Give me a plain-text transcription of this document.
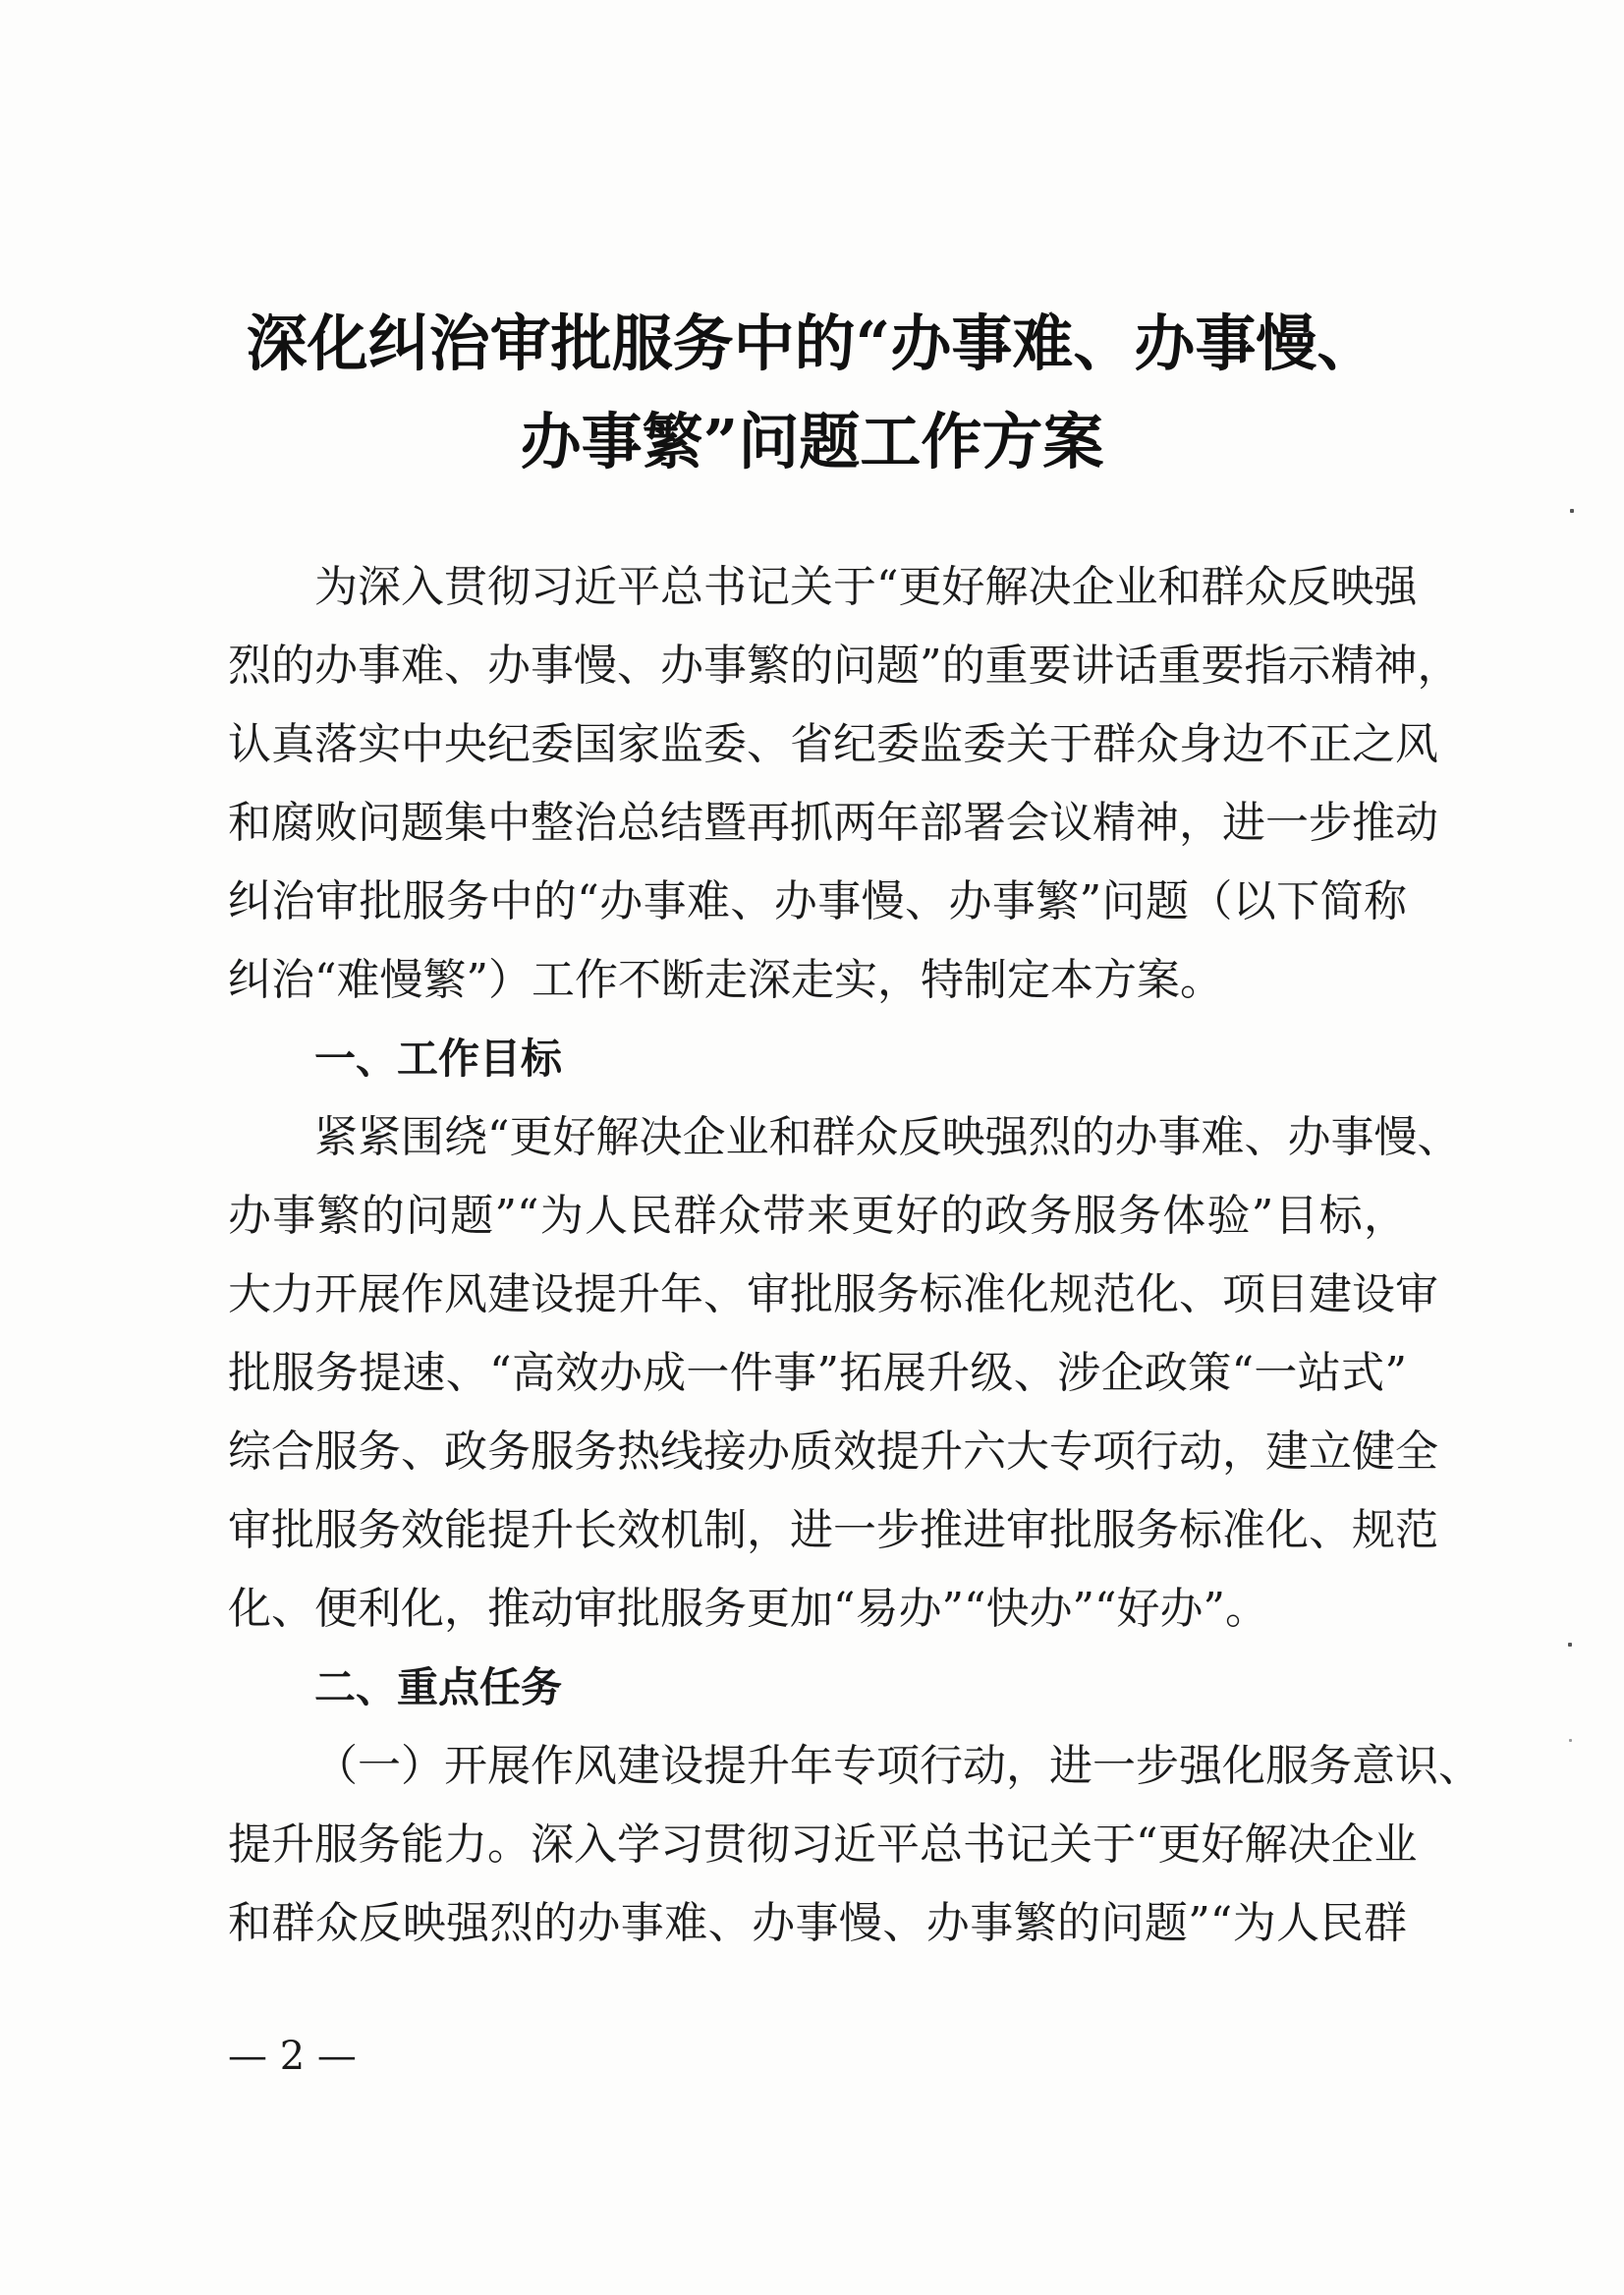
深化纠治审批服务中的“办事难、办事慢、
办事繁”问题工作方案
为深入贯彻习近平总书记关于“更好解决企业和群众反映强
烈的办事难、办事慢、办事繁的问题”的重要讲话重要指示精神，
认真落实中央纪委国家监委、省纪委监委关于群众身边不正之风
和腐败问题集中整治总结暨再抓两年部署会议精神，进一步推动
纠治审批服务中的“办事难、办事慢、办事繁”问题（以下简称
纠治“难慢繁”）工作不断走深走实，特制定本方案。
一、工作目标
紧紧围绕“更好解决企业和群众反映强烈的办事难、办事慢、
办事繁的问题”“为人民群众带来更好的政务服务体验”目标，
大力开展作风建设提升年、审批服务标准化规范化、项目建设审
批服务提速、“高效办成一件事”拓展升级、涉企政策“一站式”
综合服务、政务服务热线接办质效提升六大专项行动，建立健全
审批服务效能提升长效机制，进一步推进审批服务标准化、规范
化、便利化，推动审批服务更加“易办”“快办”“好办”。
二、重点任务
（一）开展作风建设提升年专项行动，进一步强化服务意识、
提升服务能力。深入学习贯彻习近平总书记关于“更好解决企业
和群众反映强烈的办事难、办事慢、办事繁的问题”“为人民群
— 2 —
